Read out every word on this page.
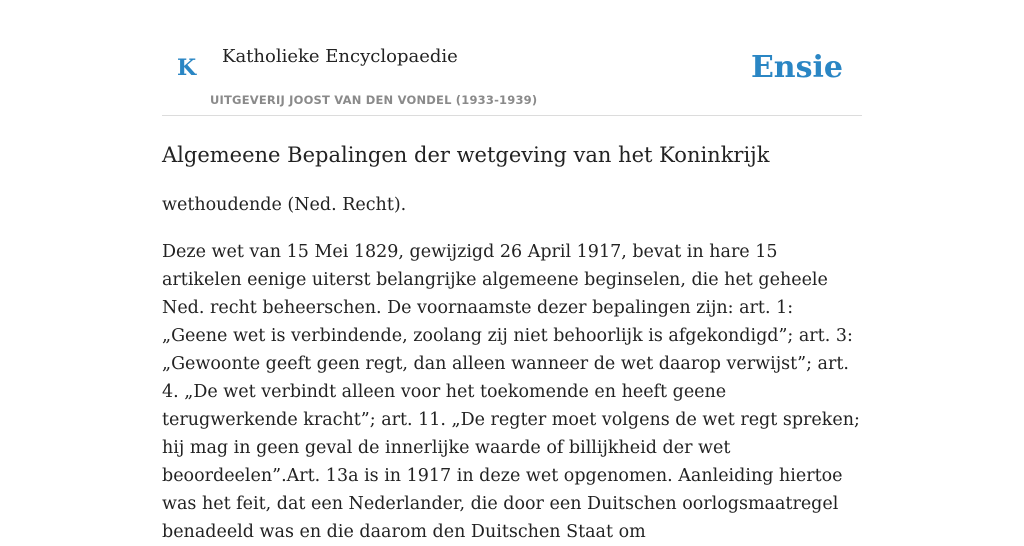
K Katholieke Encyclopaedie
UITGEVERIJ JOOST VAN DEN VONDEL (1933-1939)
Ensie
Algemeene Bepalingen der wetgeving van het Koninkrijk

wethoudende (Ned. Recht).

Deze wet van 15 Mei 1829, gewijzigd 26 April 1917, bevat in hare 15 artikelen eenige uiterst belangrijke algemeene beginselen, die het geheele Ned. recht beheerschen. De voornaamste dezer bepalingen zijn: art. 1: „Geene wet is verbindende, zoolang zij niet behoorlijk is afgekondigd”; art. 3: „Gewoonte geeft geen regt, dan alleen wanneer de wet daarop verwijst”; art. 4. „De wet verbindt alleen voor het toekomende en heeft geene terugwerkende kracht”; art. 11. „De regter moet volgens de wet regt spreken; hij mag in geen geval de innerlijke waarde of billijkheid der wet beoordeelen”.Art. 13a is in 1917 in deze wet opgenomen. Aanleiding hiertoe was het feit, dat een Nederlander, die door een Duitschen oorlogsmaatregel benadeeld was en die daarom den Duitschen Staat om
